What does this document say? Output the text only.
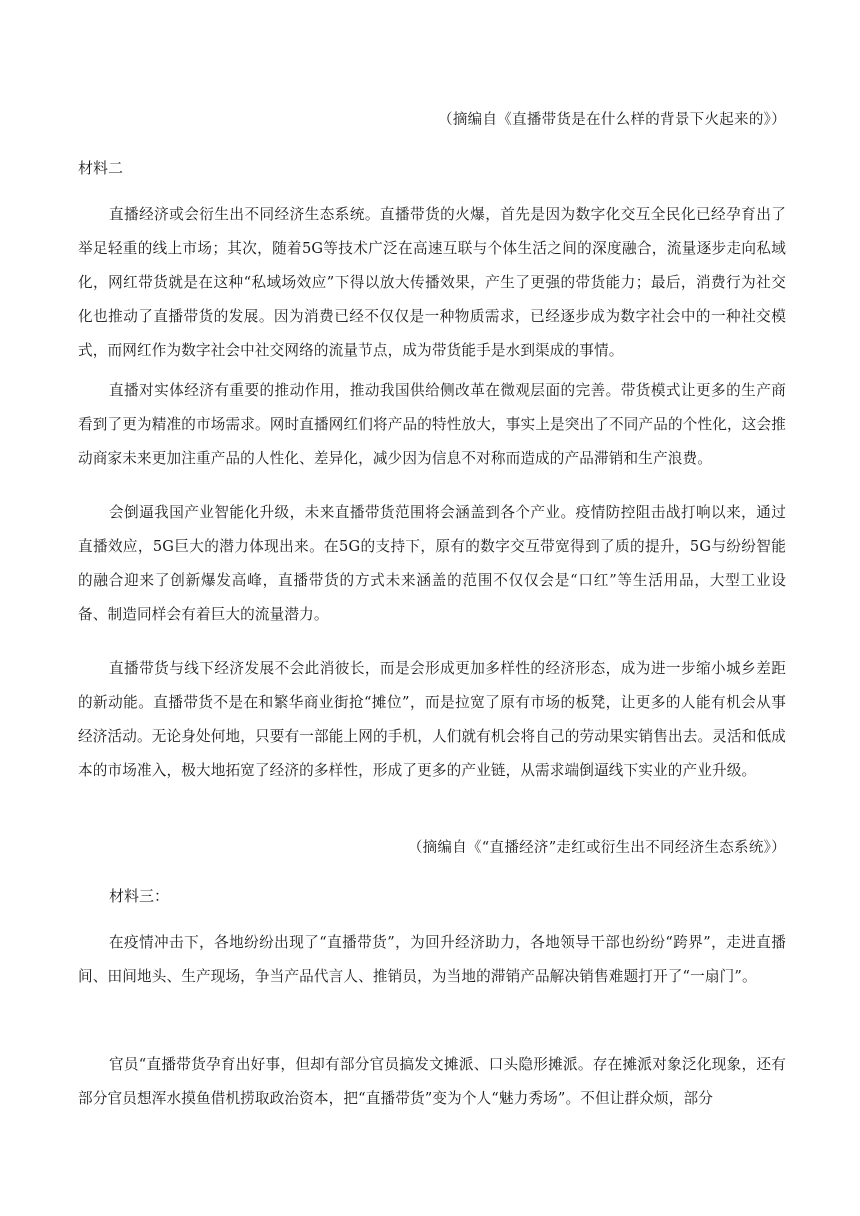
（摘编自《直播带货是在什么样的背景下火起来的》）
材料二

直播经济或会衍生出不同经济生态系统。直播带货的火爆，首先是因为数字化交互全民化已经孕育出了举足轻重的线上市场；其次，随着5G等技术广泛在高速互联与个体生活之间的深度融合，流量逐步走向私域化，网红带货就是在这种“私域场效应”下得以放大传播效果，产生了更强的带货能力；最后，消费行为社交化也推动了直播带货的发展。因为消费已经不仅仅是一种物质需求，已经逐步成为数字社会中的一种社交模式，而网红作为数字社会中社交网络的流量节点，成为带货能手是水到渠成的事情。

直播对实体经济有重要的推动作用，推动我国供给侧改革在微观层面的完善。带货模式让更多的生产商看到了更为精准的市场需求。网时直播网红们将产品的特性放大，事实上是突出了不同产品的个性化，这会推动商家未来更加注重产品的人性化、差异化，减少因为信息不对称而造成的产品滞销和生产浪费。

会倒逼我国产业智能化升级，未来直播带货范围将会涵盖到各个产业。疫情防控阻击战打响以来，通过直播效应，5G巨大的潜力体现出来。在5G的支持下，原有的数字交互带宽得到了质的提升，5G与纷纷智能的融合迎来了创新爆发高峰，直播带货的方式未来涵盖的范围不仅仅会是“口红”等生活用品，大型工业设备、制造同样会有着巨大的流量潜力。

直播带货与线下经济发展不会此消彼长，而是会形成更加多样性的经济形态，成为进一步缩小城乡差距的新动能。直播带货不是在和繁华商业街抢“摊位”，而是拉宽了原有市场的板凳，让更多的人能有机会从事经济活动。无论身处何地，只要有一部能上网的手机，人们就有机会将自己的劳动果实销售出去。灵活和低成本的市场准入，极大地拓宽了经济的多样性，形成了更多的产业链，从需求端倒逼线下实业的产业升级。

（摘编自《“直播经济”走红或衍生出不同经济生态系统》）
材料三：

在疫情冲击下，各地纷纷出现了“直播带货”，为回升经济助力，各地领导干部也纷纷“跨界”，走进直播间、田间地头、生产现场，争当产品代言人、推销员，为当地的滞销产品解决销售难题打开了“一扇门”。

官员“直播带货孕育出好事，但却有部分官员搞发文摊派、口头隐形摊派。存在摊派对象泛化现象，还有部分官员想浑水摸鱼借机捞取政治资本，把“直播带货”变为个人“魅力秀场”。不但让群众烦，部分
